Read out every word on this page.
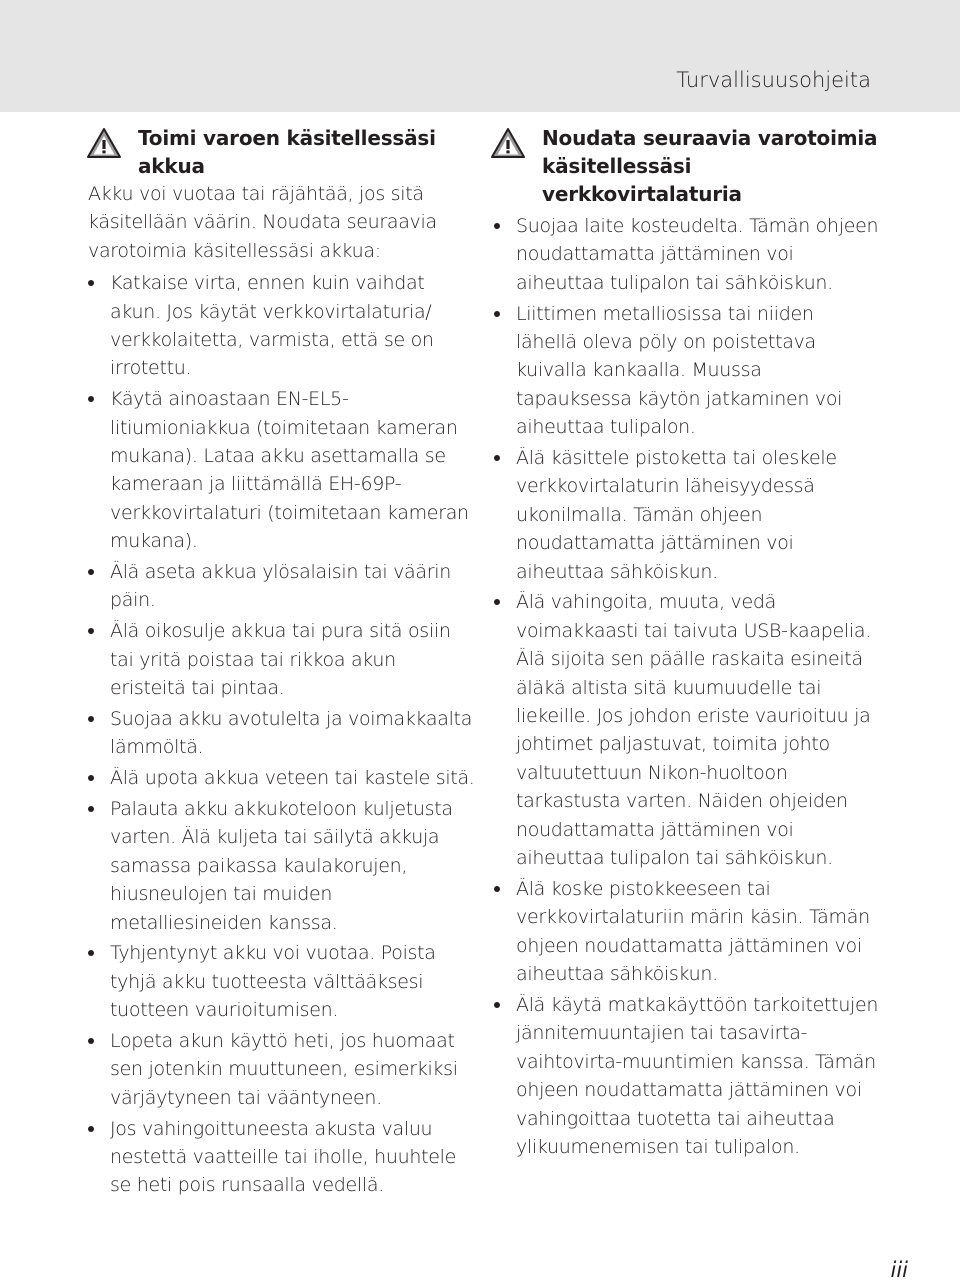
Turvallisuusohjeita
Toimi varoen käsitellessäsi akkua
Akku voi vuotaa tai räjähtää, jos sitä käsitellään väärin. Noudata seuraavia varotoimia käsitellessäsi akkua:
Katkaise virta, ennen kuin vaihdat akun. Jos käytät verkkovirtalaturia/ verkkolaitetta, varmista, että se on irrotettu.
Käytä ainoastaan EN-EL5-litiumioniakkua (toimitetaan kameran mukana). Lataa akku asettamalla se kameraan ja liittämällä EH-69P-verkkovirtalaturi (toimitetaan kameran mukana).
Älä aseta akkua ylösalaisin tai väärin päin.
Älä oikosulje akkua tai pura sitä osiin tai yritä poistaa tai rikkoa akun eristeitä tai pintaa.
Suojaa akku avotulelta ja voimakkaalta lämmöltä.
Älä upota akkua veteen tai kastele sitä.
Palauta akku akkukoteloon kuljetusta varten. Älä kuljeta tai säilytä akkuja samassa paikassa kaulakorujen, hiusneulojen tai muiden metalliesineiden kanssa.
Tyhjentynyt akku voi vuotaa. Poista tyhjä akku tuotteesta välttääksesi tuotteen vaurioitumisen.
Lopeta akun käyttö heti, jos huomaat sen jotenkin muuttuneen, esimerkiksi värjäytyneen tai vääntyneen.
Jos vahingoittuneesta akusta valuu nestettä vaatteille tai iholle, huuhtele se heti pois runsaalla vedellä.
Noudata seuraavia varotoimia käsitellessäsi verkkovirtalaturia
Suojaa laite kosteudelta. Tämän ohjeen noudattamatta jättäminen voi aiheuttaa tulipalon tai sähköiskun.
Liittimen metalliosissa tai niiden lähellä oleva pöly on poistettava kuivalla kankaalla. Muussa tapauksessa käytön jatkaminen voi aiheuttaa tulipalon.
Älä käsittele pistoketta tai oleskele verkkovirtalaturin läheisyydessä ukonilmalla. Tämän ohjeen noudattamatta jättäminen voi aiheuttaa sähköiskun.
Älä vahingoita, muuta, vedä voimakkaasti tai taivuta USB-kaapelia. Älä sijoita sen päälle raskaita esineitä äläkä altista sitä kuumuudelle tai liekeille. Jos johdon eriste vaurioituu ja johtimet paljastuvat, toimita johto valtuutettuun Nikon-huoltoon tarkastusta varten. Näiden ohjeiden noudattamatta jättäminen voi aiheuttaa tulipalon tai sähköiskun.
Älä koske pistokkeeseen tai verkkovirtalaturiin märin käsin. Tämän ohjeen noudattamatta jättäminen voi aiheuttaa sähköiskun.
Älä käytä matkakäyttöön tarkoitettujen jännitemuuntajien tai tasavirta-vaihtovirta-muuntimien kanssa. Tämän ohjeen noudattamatta jättäminen voi vahingoittaa tuotetta tai aiheuttaa ylikuumenemisen tai tulipalon.
iii
